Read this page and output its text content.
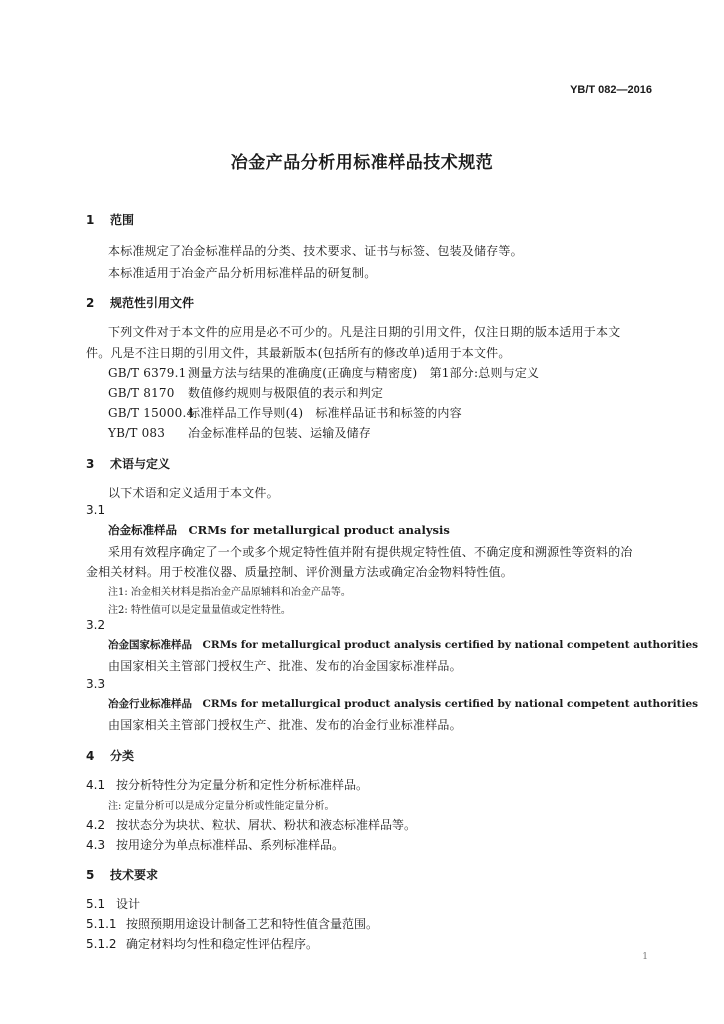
YB/T 082—2016
冶金产品分析用标准样品技术规范
1 范围
本标准规定了冶金标准样品的分类、技术要求、证书与标签、包装及储存等。
本标准适用于冶金产品分析用标准样品的研复制。
2 规范性引用文件
下列文件对于本文件的应用是必不可少的。凡是注日期的引用文件，仅注日期的版本适用于本文
件。凡是不注日期的引用文件，其最新版本(包括所有的修改单)适用于本文件。
GB/T 6379.1 测量方法与结果的准确度(正确度与精密度)　第1部分:总则与定义
GB/T 8170 数值修约规则与极限值的表示和判定
GB/T 15000.4标准样品工作导则(4)　标准样品证书和标签的内容
YB/T 083 冶金标准样品的包装、运输及储存
3 术语与定义
以下术语和定义适用于本文件。
3.1
冶金标准样品　CRMs for metallurgical product analysis
采用有效程序确定了一个或多个规定特性值并附有提供规定特性值、不确定度和溯源性等资料的冶
金相关材料。用于校准仪器、质量控制、评价测量方法或确定冶金物料特性值。
注1: 冶金相关材料是指冶金产品原辅料和冶金产品等。
注2: 特性值可以是定量量值或定性特性。
3.2
冶金国家标准样品　CRMs for metallurgical product analysis certified by national competent authorities
由国家相关主管部门授权生产、批准、发布的冶金国家标准样品。
3.3
冶金行业标准样品　CRMs for metallurgical product analysis certified by national competent authorities
由国家相关主管部门授权生产、批准、发布的冶金行业标准样品。
4 分类
4.1 按分析特性分为定量分析和定性分析标准样品。
注: 定量分析可以是成分定量分析或性能定量分析。
4.2 按状态分为块状、粒状、屑状、粉状和液态标准样品等。
4.3 按用途分为单点标准样品、系列标准样品。
5 技术要求
5.1 设计
5.1.1 按照预期用途设计制备工艺和特性值含量范围。
5.1.2 确定材料均匀性和稳定性评估程序。
1
